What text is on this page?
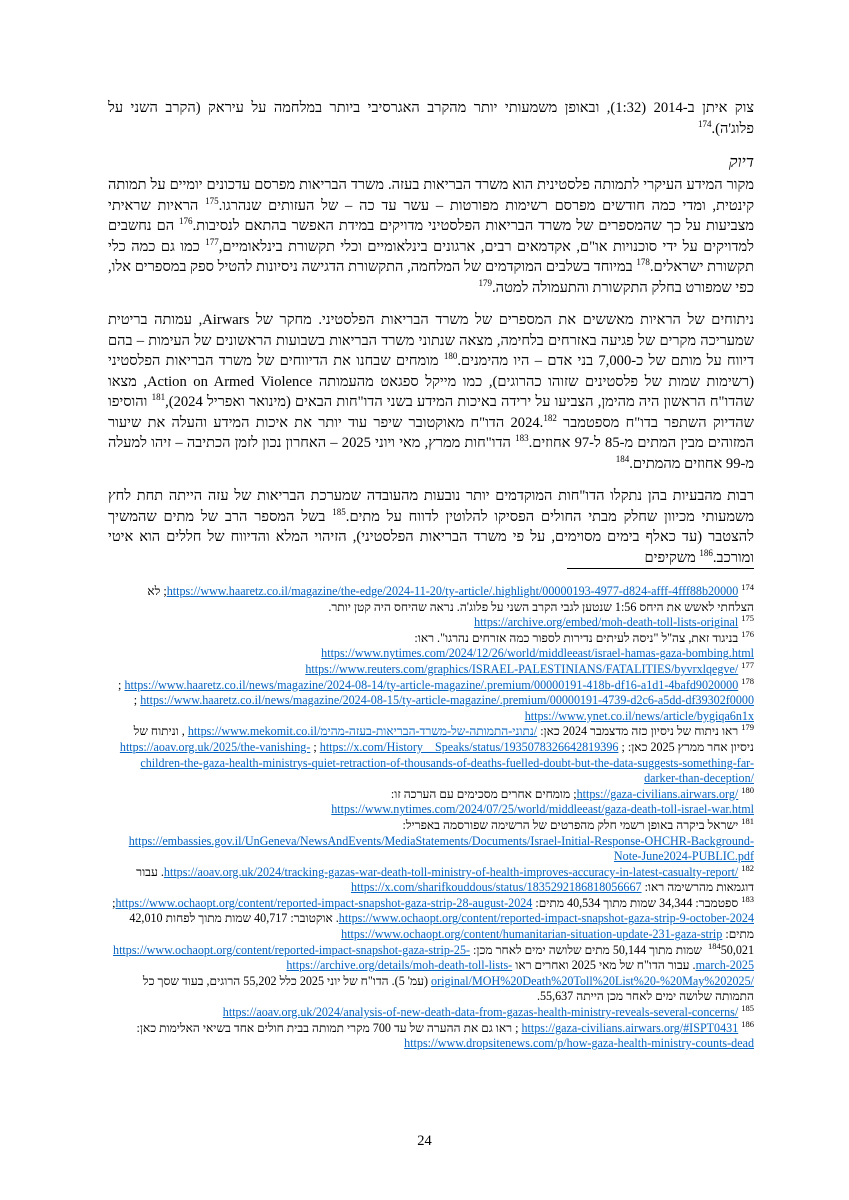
צוק איתן ב-2014 (1:32), ובאופן משמעותי יותר מהקרב האגרסיבי ביותר במלחמה על עיראק (הקרב השני על פלוג'ה).$^{174}$

דיוק

מקור המידע העיקרי לתמותה פלסטינית הוא משרד הבריאות בעזה. משרד הבריאות מפרסם עדכונים יומיים על תמותה קינטית, ומדי כמה חודשים מפרסם רשימות מפורטות – עשר עד כה – של העזותים שנהרגו.$^{175}$ הראיות שראיתי מצביעות על כך שהמספרים של משרד הבריאות הפלסטיני מדויקים במידת האפשר בהתאם לנסיבות.$^{176}$ הם נחשבים למדויקים על ידי סוכנויות או"ם, אקדמאים רבים, ארגונים בינלאומיים וכלי תקשורת בינלאומיים,$^{177}$ כמו גם כמה כלי תקשורת ישראלים.$^{178}$ במיוחד בשלבים המוקדמים של המלחמה, התקשורת הדגישה ניסיונות להטיל ספק במספרים אלו, כפי שמפורט בחלק התקשורת והתעמולה למטה.$^{179}$

ניתוחים של הראיות מאששים את המספרים של משרד הבריאות הפלסטיני. מחקר של Airwars, עמותה בריטית שמעריכה מקרים של פגיעה באזרחים בלחימה, מצאה שנתוני משרד הבריאות בשבועות הראשונים של העימות – בהם דיווח על מותם של כ-7,000 בני אדם – היו מהימנים.$^{180}$ מומחים שבחנו את הדיווחים של משרד הבריאות הפלסטיני (רשימות שמות של פלסטינים שזוהו כהרוגים), כמו מייקל ספגאט מהעמותה Action on Armed Violence, מצאו שהדו"ח הראשון היה מהימן, הצביעו על ירידה באיכות המידע בשני הדו"חות הבאים (מינואר ואפריל 2024),$^{181}$ והוסיפו שהדיוק השתפר בדו"ח מספטמבר 2024.$^{182}$ הדו"ח מאוקטובר שיפר עוד יותר את איכות המידע והעלה את שיעור המזוהים מבין המתים מ-85 ל-97 אחוזים.$^{183}$ הדו"חות ממרץ, מאי ויוני 2025 – האחרון נכון לזמן הכתיבה – זיהו למעלה מ-99 אחוזים מהמתים.$^{184}$

רבות מהבעיות בהן נתקלו הדו"חות המוקדמים יותר נובעות מהעובדה שמערכת הבריאות של עזה הייתה תחת לחץ משמעותי מכיוון שחלק מבתי החולים הפסיקו להלוטין לדווח על מתים.$^{185}$ בשל המספר הרב של מתים שהמשיך להצטבר (עד כאלף בימים מסוימים, על פי משרד הבריאות הפלסטיני), הזיהוי המלא והדיווח של חללים הוא איטי ומורכב.$^{186}$ משקיפים

$^{174}$https://www.haaretz.co.il/magazine/the-edge/2024-11-20/ty-article/.highlight/00000193-4977-d824-afff-4fff88b20000; לא הצלחתי לאשש את היחס 1:56 שנטען לגבי הקרב השני על פלוג'ה. נראה שהיחס היה קטן יותר.
$^{175}$https://archive.org/embed/moh-death-toll-lists-original
$^{176}$בניגוד זאת, צה"ל "ניסה לעיתים נדירות לספור כמה אזרחים נהרגו". ראו: https://www.nytimes.com/2024/12/26/world/middleeast/israel-hamas-gaza-bombing.html
$^{177}$https://www.reuters.com/graphics/ISRAEL-PALESTINIANS/FATALITIES/byvrxlqegve/
$^{178}$https://www.haaretz.co.il/news/magazine/2024-08-14/ty-article-magazine/.premium/00000191-418b-df16-a1d1-4bafd9020000 ; https://www.haaretz.co.il/news/magazine/2024-08-15/ty-article-magazine/.premium/00000191-4739-d2c6-a5dd-df39302f0000 ; https://www.ynet.co.il/news/article/bygiqa6n1x
$^{179}$ראו ניתוח של ניסיון כזה מדצמבר 2024 כאן: https://www.mekomit.co.il/נתוני-התמותה-של-משרד-הבריאות-בעזה-מהימ/ , וניתוח של ניסיון אחר ממרץ 2025 כאן: ; https://x.com/History__Speaks/status/1935078326642819396 ; https://aoav.org.uk/2025/the-vanishing-children-the-gaza-health-ministrys-quiet-retraction-of-thousands-of-deaths-fuelled-doubt-but-the-data-suggests-something-far-darker-than-deception/
$^{180}$https://gaza-civilians.airwars.org/; מומחים אחרים מסכימים עם הערכה זו: https://www.nytimes.com/2024/07/25/world/middleeast/gaza-death-toll-israel-war.html
$^{181}$ישראל ביקרה באופן רשמי חלק מהפרטים של הרשימה שפורסמה באפריל: https://embassies.gov.il/UnGeneva/NewsAndEvents/MediaStatements/Documents/Israel-Initial-Response-OHCHR-Background-Note-June2024-PUBLIC.pdf
$^{182}$https://aoav.org.uk/2024/tracking-gazas-war-death-toll-ministry-of-health-improves-accuracy-in-latest-casualty-report/. עבור דוגמאות מהרשימה ראו: https://x.com/sharifkouddous/status/1835292186818056667
$^{183}$ספטמבר: 34,344 שמות מתוך 40,534 מתים: https://www.ochaopt.org/content/reported-impact-snapshot-gaza-strip-28-august-2024; https://www.ochaopt.org/content/reported-impact-snapshot-gaza-strip-9-october-2024. אוקטובר: 40,717 שמות מתוך לפחות 42,010 מתים: https://www.ochaopt.org/content/humanitarian-situation-update-231-gaza-strip
$^{184}$50,021 שמות מתוך 50,144 מתים שלושה ימים לאחר מכן: https://www.ochaopt.org/content/reported-impact-snapshot-gaza-strip-25-march-2025. עבור הדו"ח של מאי 2025 ואחרים ראו https://archive.org/details/moh-death-toll-lists-original/MOH%20Death%20Toll%20List%20-%20May%202025/ (עמ' 5). הדו"ח של יוני 2025 כלל 55,202 הרוגים, בעוד שסך כל התמותה שלושה ימים לאחר מכן הייתה 55,637.
$^{185}$https://aoav.org.uk/2024/analysis-of-new-death-data-from-gazas-health-ministry-reveals-several-concerns/
$^{186}$https://gaza-civilians.airwars.org/#ISPT0431 ; ראו גם את ההערה של עד 700 מקרי תמותה בבית חולים אחד בשיאי האלימות כאן: https://www.dropsitenews.com/p/how-gaza-health-ministry-counts-dead
24
